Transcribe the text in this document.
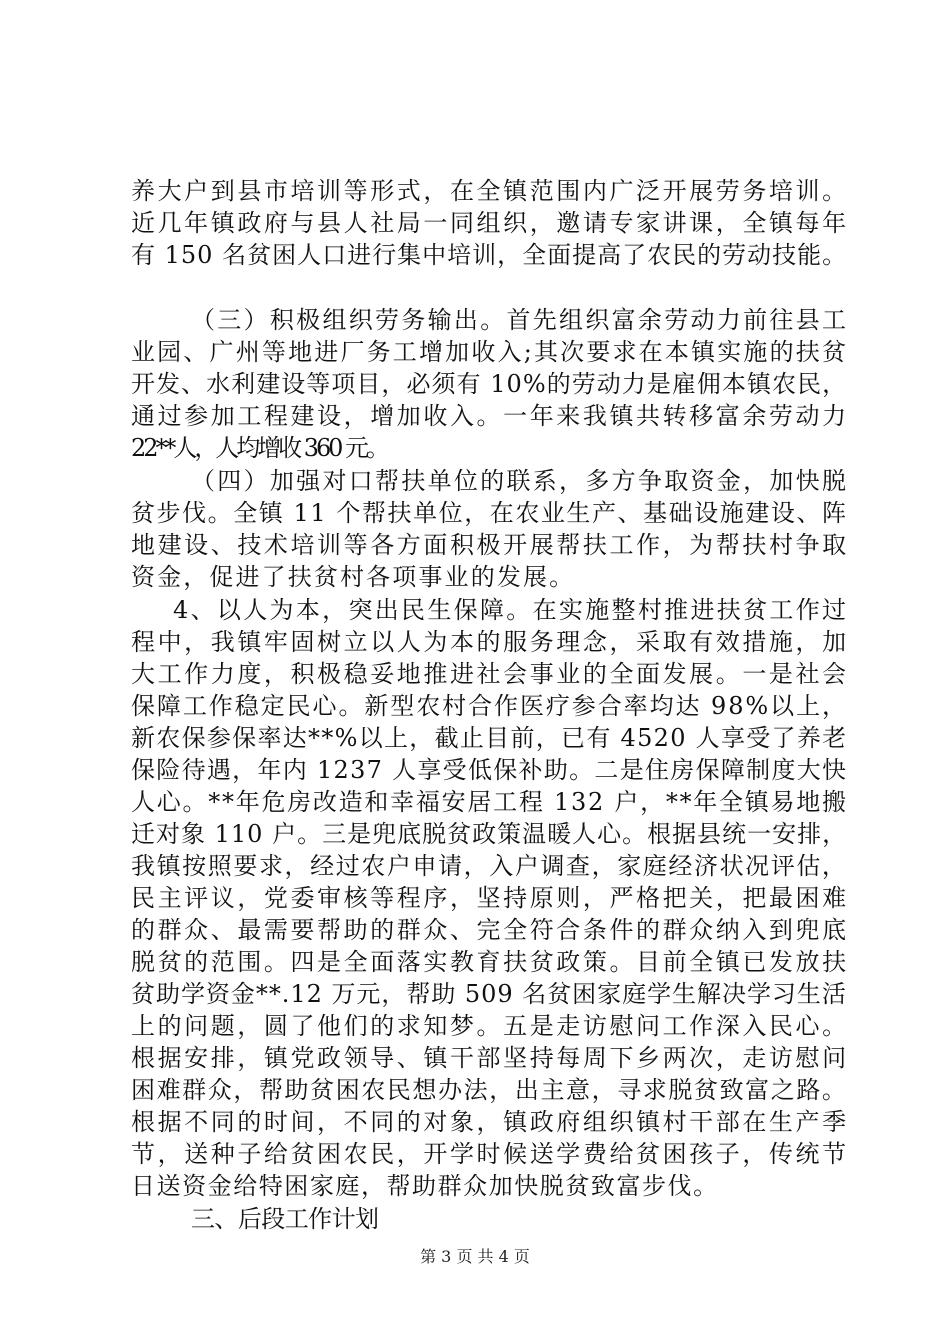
养大户到县市培训等形式，在全镇范围内广泛开展劳务培训。

近几年镇政府与县人社局一同组织，邀请专家讲课，全镇每年

有 150 名贫困人口进行集中培训，全面提高了农民的劳动技能。

（三）积极组织劳务输出。首先组织富余劳动力前往县工

业园、广州等地进厂务工增加收入;其次要求在本镇实施的扶贫

开发、水利建设等项目，必须有 10%的劳动力是雇佣本镇农民，

通过参加工程建设，增加收入。一年来我镇共转移富余劳动力

22**人，人均增收 360 元。

（四）加强对口帮扶单位的联系，多方争取资金，加快脱

贫步伐。全镇 11 个帮扶单位，在农业生产、基础设施建设、阵

地建设、技术培训等各方面积极开展帮扶工作，为帮扶村争取

资金，促进了扶贫村各项事业的发展。

4、以人为本，突出民生保障。在实施整村推进扶贫工作过

程中，我镇牢固树立以人为本的服务理念，采取有效措施，加

大工作力度，积极稳妥地推进社会事业的全面发展。一是社会

保障工作稳定民心。新型农村合作医疗参合率均达 98%以上，

新农保参保率达**%以上，截止目前，已有 4520 人享受了养老

保险待遇，年内 1237 人享受低保补助。二是住房保障制度大快

人心。**年危房改造和幸福安居工程 132 户，**年全镇易地搬

迁对象 110 户。三是兜底脱贫政策温暖人心。根据县统一安排，

我镇按照要求，经过农户申请，入户调查，家庭经济状况评估，

民主评议，党委审核等程序，坚持原则，严格把关，把最困难

的群众、最需要帮助的群众、完全符合条件的群众纳入到兜底

脱贫的范围。四是全面落实教育扶贫政策。目前全镇已发放扶

贫助学资金**.12 万元，帮助 509 名贫困家庭学生解决学习生活

上的问题，圆了他们的求知梦。五是走访慰问工作深入民心。

根据安排，镇党政领导、镇干部坚持每周下乡两次，走访慰问

困难群众，帮助贫困农民想办法，出主意，寻求脱贫致富之路。

根据不同的时间，不同的对象，镇政府组织镇村干部在生产季

节，送种子给贫困农民，开学时候送学费给贫困孩子，传统节

日送资金给特困家庭，帮助群众加快脱贫致富步伐。

三、后段工作计划

第 3 页 共 4 页
